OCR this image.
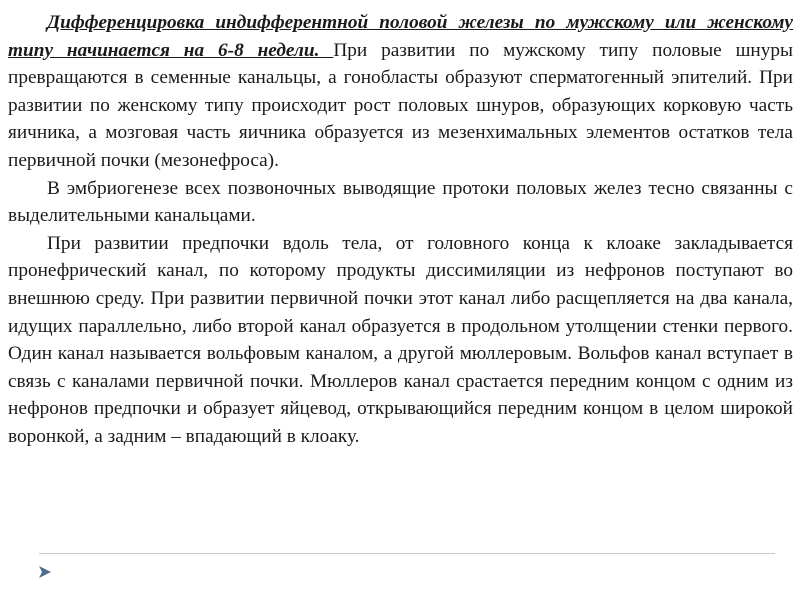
Дифференцировка индифферентной половой железы по мужскому или женскому типу начинается на 6-8 недели. При развитии по мужскому типу половые шнуры превращаются в семенные канальцы, а гонобласты образуют сперматогенный эпителий. При развитии по женскому типу происходит рост половых шнуров, образующих корковую часть яичника, а мозговая часть яичника образуется из мезенхимальных элементов остатков тела первичной почки (мезонефроса).

В эмбриогенезе всех позвоночных выводящие протоки половых желез тесно связанны с выделительными канальцами.

При развитии предпочки вдоль тела, от головного конца к клоаке закладывается пронефрический канал, по которому продукты диссимиляции из нефронов поступают во внешнюю среду. При развитии первичной почки этот канал либо расщепляется на два канала, идущих параллельно, либо второй канал образуется в продольном утолщении стенки первого. Один канал называется вольфовым каналом, а другой мюллеровым. Вольфов канал вступает в связь с каналами первичной почки. Мюллеров канал срастается передним концом с одним из нефронов предпочки и образует яйцевод, открывающийся передним концом в целом широкой воронкой, а задним – впадающий в клоаку.
